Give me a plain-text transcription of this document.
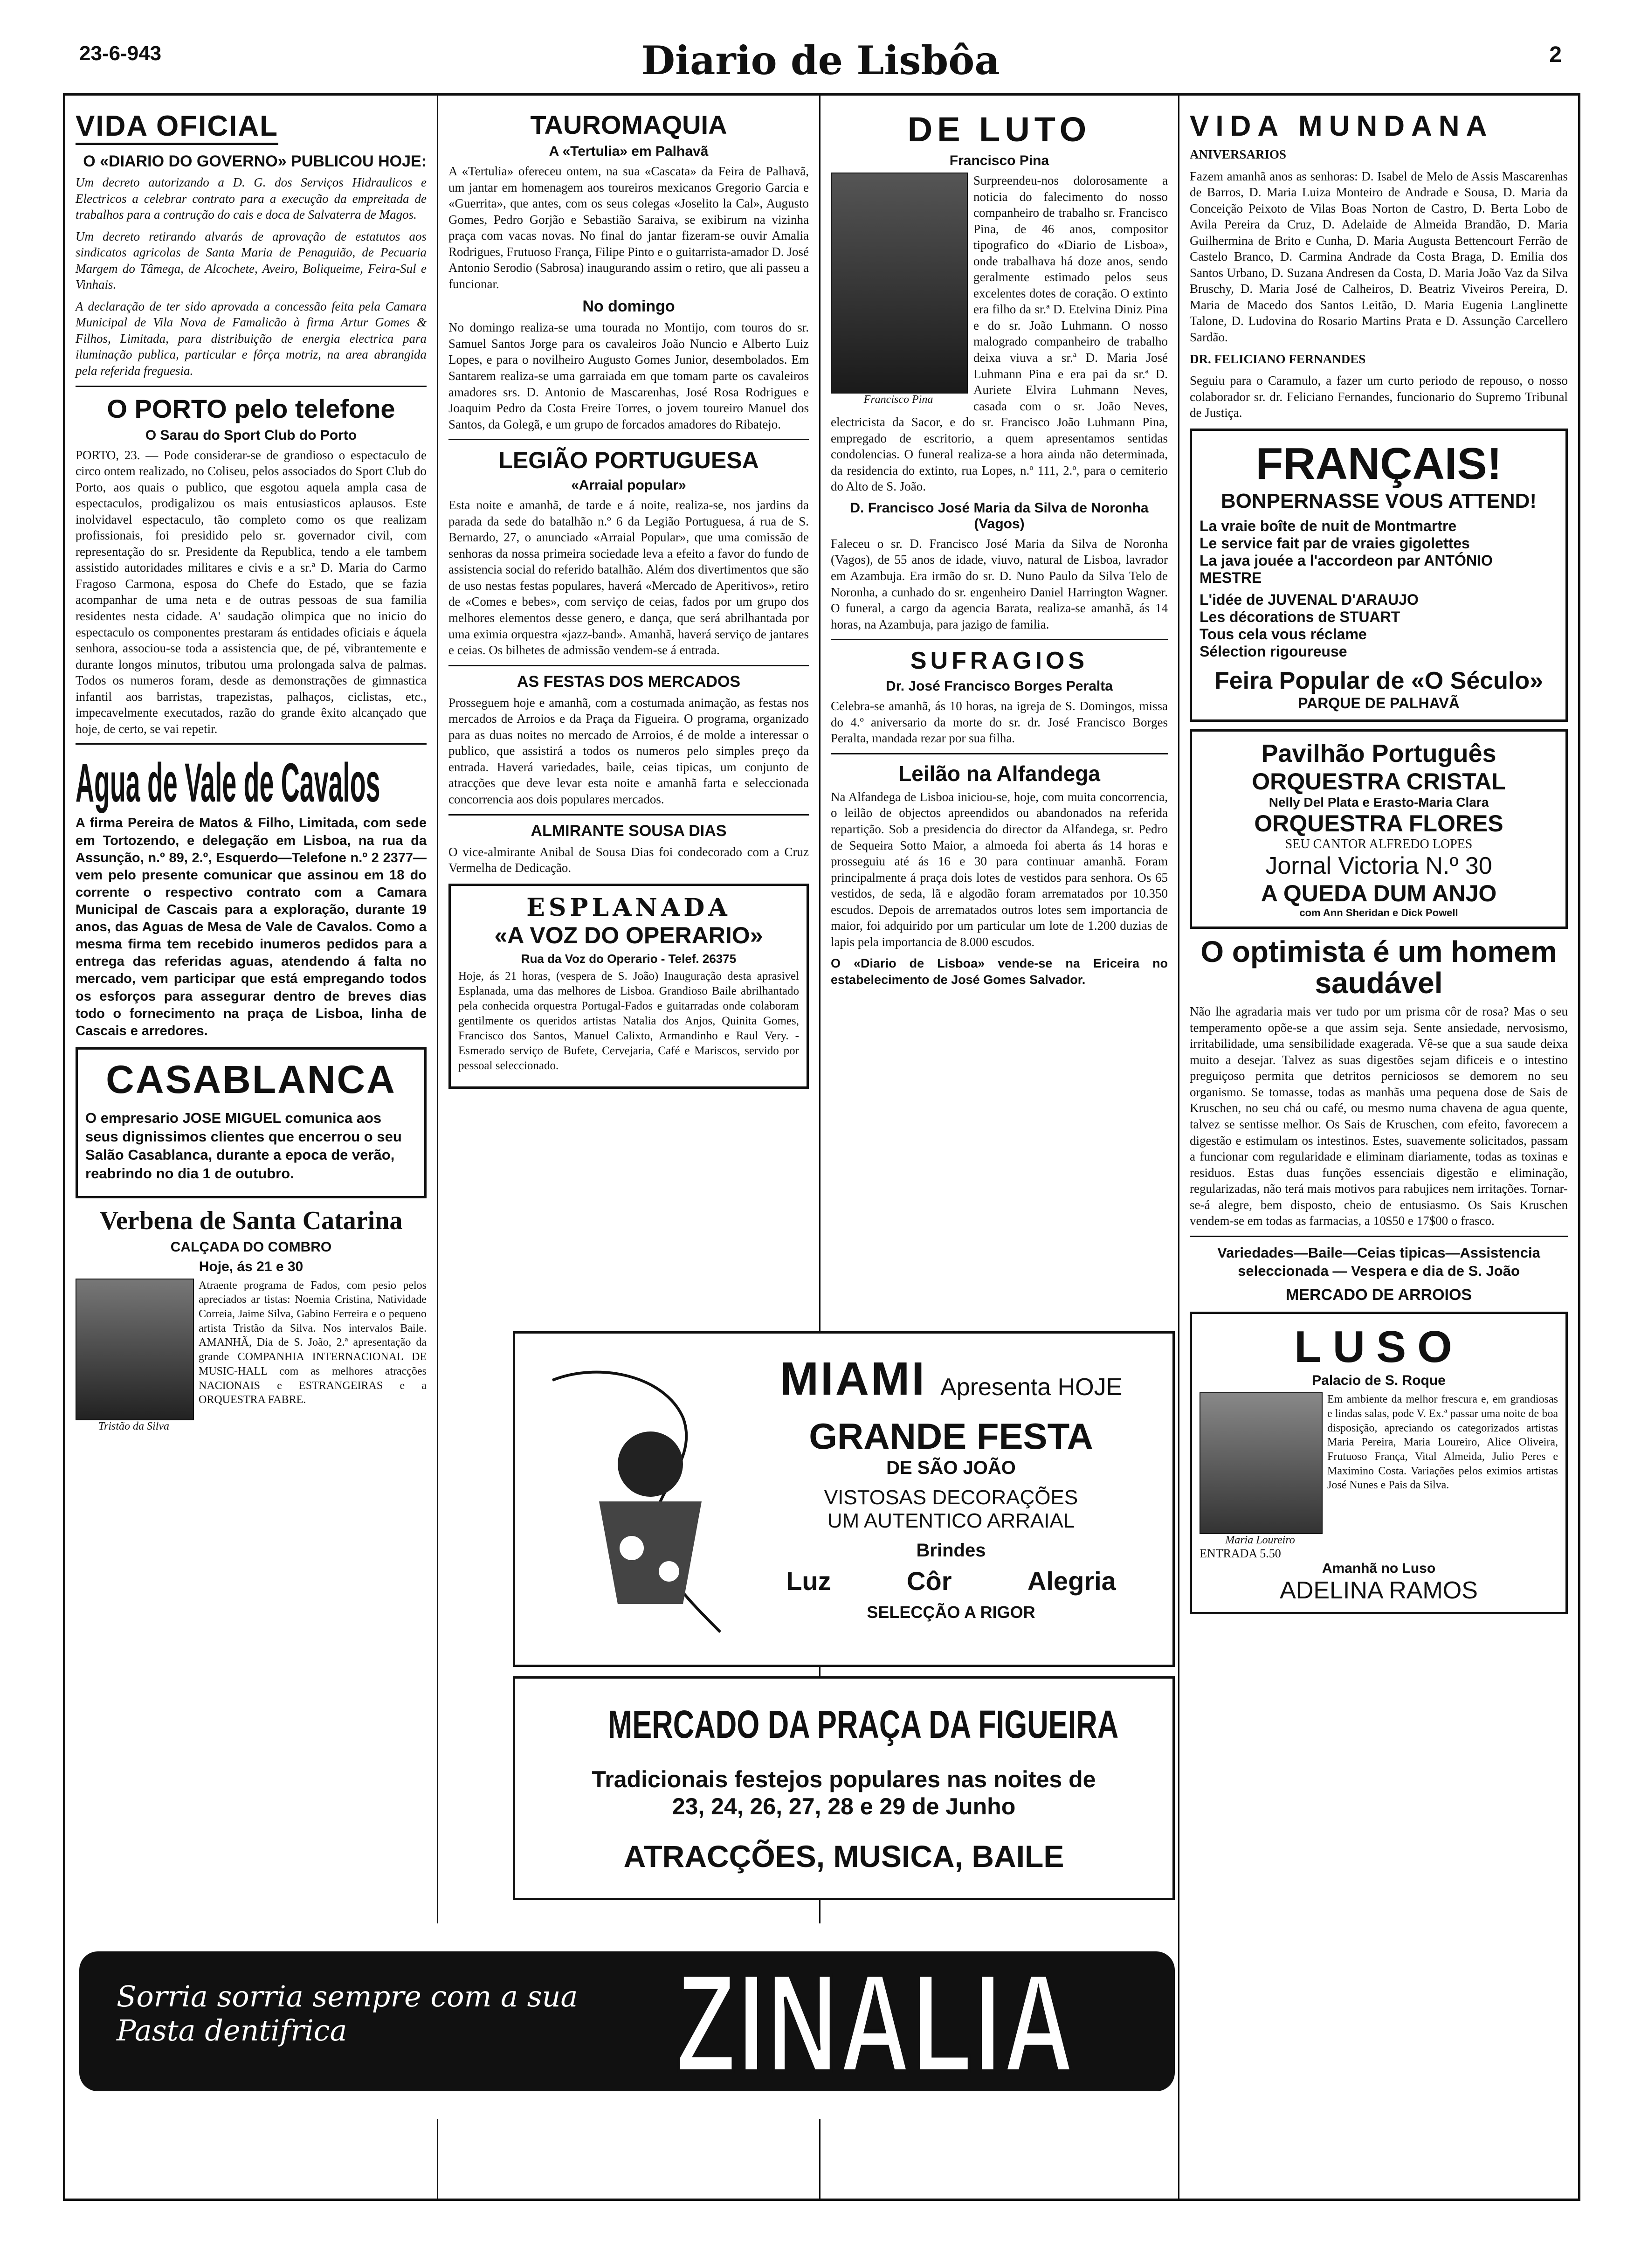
23-6-943	Diario de Lisbôa	2
VIDA OFICIAL
O «DIARIO DO GOVERNO» PUBLICOU HOJE:

Um decreto autorizando a D. G. dos Serviços Hidraulicos e Electricos a celebrar contrato para a execução da empreitada de trabalhos para a contrução do cais e doca de Salvaterra de Magos.

Um decreto retirando alvarás de aprovação de estatutos aos sindicatos agricolas de Santa Maria de Penaguião, de Pecuaria Margem do Tâmega, de Alcochete, Aveiro, Boliqueime, Feira-Sul e Vinhais.

A declaração de ter sido aprovada a concessão feita pela Camara Municipal de Vila Nova de Famalicão à firma Artur Gomes & Filhos, Limitada, para distribuição de energia electrica para iluminação publica, particular e fôrça motriz, na area abrangida pela referida freguesia.

O PORTO pelo telefone
O Sarau do Sport Club do Porto

PORTO, 23. — Pode considerar-se de grandioso o espectaculo de circo ontem realizado, no Coliseu, pelos associados do Sport Club do Porto, aos quais o publico, que esgotou aquela ampla casa de espectaculos, prodigalizou os mais entusiasticos aplausos. Este inolvidavel espectaculo, tão completo como os que realizam profissionais, foi presidido pelo sr. governador civil, com representação do sr. Presidente da Republica, tendo a ele tambem assistido autoridades militares e civis e a sr.ª D. Maria do Carmo Fragoso Carmona, esposa do Chefe do Estado, que se fazia acompanhar de uma neta e de outras pessoas de sua familia residentes nesta cidade. A' saudação olimpica que no inicio do espectaculo os componentes prestaram ás entidades oficiais e áquela senhora, associou-se toda a assistencia que, de pé, vibrantemente e durante longos minutos, tributou uma prolongada salva de palmas. Todos os numeros foram, desde as demonstrações de gimnastica infantil aos barristas, trapezistas, palhaços, ciclistas, etc., impecavelmente executados, razão do grande êxito alcançado que hoje, de certo, se vai repetir.

Agua de Vale de Cavalos

A firma Pereira de Matos & Filho, Limitada, com sede em Tortozendo, e delegação em Lisboa, na rua da Assunção, n.º 89, 2.º, Esquerdo—Telefone n.º 2 2377—vem pelo presente comunicar que assinou em 18 do corrente o respectivo contrato com a Camara Municipal de Cascais para a exploração, durante 19 anos, das Aguas de Mesa de Vale de Cavalos. Como a mesma firma tem recebido inumeros pedidos para a entrega das referidas aguas, atendendo á falta no mercado, vem participar que está empregando todos os esforços para assegurar dentro de breves dias todo o fornecimento na praça de Lisboa, linha de Cascais e arredores.

CASABLANCA

O empresario JOSE MIGUEL comunica aos seus dignissimos clientes que encerrou o seu Salão Casablanca, durante a epoca de verão, reabrindo no dia 1 de outubro.

Verbena de Santa Catarina
CALÇADA DO COMBRO
Hoje, ás 21 e 30
Tristão da Silva

Atraente programa de Fados, com pesio pelos apreciados ar tistas: Noemia Cristina, Natividade Correia, Jaime Silva, Gabino Ferreira e o pequeno artista Tristão da Silva. Nos intervalos Baile. AMANHÃ, Dia de S. João, 2.ª apresentação da grande COMPANHIA INTERNACIONAL DE MUSIC-HALL com as melhores atracções NACIONAIS e ESTRANGEIRAS e a ORQUESTRA FABRE.

TAUROMAQUIA
A «Tertulia» em Palhavã

A «Tertulia» ofereceu ontem, na sua «Cascata» da Feira de Palhavã, um jantar em homenagem aos toureiros mexicanos Gregorio Garcia e «Guerrita», que antes, com os seus colegas «Joselito la Cal», Augusto Gomes, Pedro Gorjão e Sebastião Saraiva, se exibirum na vizinha praça com vacas novas. No final do jantar fizeram-se ouvir Amalia Rodrigues, Frutuoso França, Filipe Pinto e o guitarrista-amador D. José Antonio Serodio (Sabrosa) inaugurando assim o retiro, que ali passeu a funcionar.

No domingo

No domingo realiza-se uma tourada no Montijo, com touros do sr. Samuel Santos Jorge para os cavaleiros João Nuncio e Alberto Luiz Lopes, e para o novilheiro Augusto Gomes Junior, desembolados. Em Santarem realiza-se uma garraiada em que tomam parte os cavaleiros amadores srs. D. Antonio de Mascarenhas, José Rosa Rodrigues e Joaquim Pedro da Costa Freire Torres, o jovem toureiro Manuel dos Santos, da Golegã, e um grupo de forcados amadores do Ribatejo.

LEGIÃO PORTUGUESA
«Arraial popular»

Esta noite e amanhã, de tarde e á noite, realiza-se, nos jardins da parada da sede do batalhão n.º 6 da Legião Portuguesa, á rua de S. Bernardo, 27, o anunciado «Arraial Popular», que uma comissão de senhoras da nossa primeira sociedade leva a efeito a favor do fundo de assistencia social do referido batalhão. Além dos divertimentos que são de uso nestas festas populares, haverá «Mercado de Aperitivos», retiro de «Comes e bebes», com serviço de ceias, fados por um grupo dos melhores elementos desse genero, e dança, que será abrilhantada por uma eximia orquestra «jazz-band». Amanhã, haverá serviço de jantares e ceias. Os bilhetes de admissão vendem-se á entrada.

AS FESTAS DOS MERCADOS

Prosseguem hoje e amanhã, com a costumada animação, as festas nos mercados de Arroios e da Praça da Figueira. O programa, organizado para as duas noites no mercado de Arroios, é de molde a interessar o publico, que assistirá a todos os numeros pelo simples preço da entrada. Haverá variedades, baile, ceias tipicas, um conjunto de atracções que deve levar esta noite e amanhã farta e seleccionada concorrencia aos dois populares mercados.

ALMIRANTE SOUSA DIAS

O vice-almirante Anibal de Sousa Dias foi condecorado com a Cruz Vermelha de Dedicação.

ESPLANADA
«A VOZ DO OPERARIO»
Rua da Voz do Operario - Telef. 26375

Hoje, ás 21 horas, (vespera de S. João) Inauguração desta aprasivel Esplanada, uma das melhores de Lisboa. Grandioso Baile abrilhantado pela conhecida orquestra Portugal-Fados e guitarradas onde colaboram gentilmente os queridos artistas Natalia dos Anjos, Quinita Gomes, Francisco dos Santos, Manuel Calixto, Armandinho e Raul Very. - Esmerado serviço de Bufete, Cervejaria, Café e Mariscos, servido por pessoal seleccionado.

DE LUTO
Francisco Pina
Francisco Pina

Surpreendeu-nos dolorosamente a noticia do falecimento do nosso companheiro de trabalho sr. Francisco Pina, de 46 anos, compositor tipografico do «Diario de Lisboa», onde trabalhava há doze anos, sendo geralmente estimado pelos seus excelentes dotes de coração. O extinto era filho da sr.ª D. Etelvina Diniz Pina e do sr. João Luhmann. O nosso malogrado companheiro de trabalho deixa viuva a sr.ª D. Maria José Luhmann Pina e era pai da sr.ª D. Auriete Elvira Luhmann Neves, casada com o sr. João Neves, electricista da Sacor, e do sr. Francisco João Luhmann Pina, empregado de escritorio, a quem apresentamos sentidas condolencias. O funeral realiza-se a hora ainda não determinada, da residencia do extinto, rua Lopes, n.º 111, 2.º, para o cemiterio do Alto de S. João.

D. Francisco José Maria da Silva de Noronha (Vagos)

Faleceu o sr. D. Francisco José Maria da Silva de Noronha (Vagos), de 55 anos de idade, viuvo, natural de Lisboa, lavrador em Azambuja. Era irmão do sr. D. Nuno Paulo da Silva Telo de Noronha, a cunhado do sr. engenheiro Daniel Harrington Wagner. O funeral, a cargo da agencia Barata, realiza-se amanhã, ás 14 horas, na Azambuja, para jazigo de familia.

SUFRAGIOS
Dr. José Francisco Borges Peralta

Celebra-se amanhã, ás 10 horas, na igreja de S. Domingos, missa do 4.º aniversario da morte do sr. dr. José Francisco Borges Peralta, mandada rezar por sua filha.

Leilão na Alfandega

Na Alfandega de Lisboa iniciou-se, hoje, com muita concorrencia, o leilão de objectos apreendidos ou abandonados na referida repartição. Sob a presidencia do director da Alfandega, sr. Pedro de Sequeira Sotto Maior, a almoeda foi aberta ás 14 horas e prosseguiu até ás 16 e 30 para continuar amanhã. Foram principalmente á praça dois lotes de vestidos para senhora. Os 65 vestidos, de seda, lã e algodão foram arrematados por 10.350 escudos. Depois de arrematados outros lotes sem importancia de maior, foi adquirido por um particular um lote de 1.200 duzias de lapis pela importancia de 8.000 escudos.

O «Diario de Lisboa» vende-se na Ericeira no estabelecimento de José Gomes Salvador.

VIDA MUNDANA

ANIVERSARIOS

Fazem amanhã anos as senhoras: D. Isabel de Melo de Assis Mascarenhas de Barros, D. Maria Luiza Monteiro de Andrade e Sousa, D. Maria da Conceição Peixoto de Vilas Boas Norton de Castro, D. Berta Lobo de Avila Pereira da Cruz, D. Adelaide de Almeida Brandão, D. Maria Guilhermina de Brito e Cunha, D. Maria Augusta Bettencourt Ferrão de Castelo Branco, D. Carmina Andrade da Costa Braga, D. Emilia dos Santos Urbano, D. Suzana Andresen da Costa, D. Maria João Vaz da Silva Bruschy, D. Maria José de Calheiros, D. Beatriz Viveiros Pereira, D. Maria de Macedo dos Santos Leitão, D. Maria Eugenia Langlinette Talone, D. Ludovina do Rosario Martins Prata e D. Assunção Carcellero Sardão.

DR. FELICIANO FERNANDES

Seguiu para o Caramulo, a fazer um curto periodo de repouso, o nosso colaborador sr. dr. Feliciano Fernandes, funcionario do Supremo Tribunal de Justiça.

FRANÇAIS!
BONPERNASSE VOUS ATTEND!
La vraie boîte de nuit de Montmartre
Le service fait par de vraies gigolettes
La java jouée a l'accordeon par ANTÓNIO MESTRE
L'idée de JUVENAL D'ARAUJO
Les décorations de STUART
Tous cela vous réclame
Sélection rigoureuse
Feira Popular de «O Século»
PARQUE DE PALHAVÃ
Pavilhão Português
ORQUESTRA CRISTAL
Nelly Del Plata e Erasto-Maria Clara
ORQUESTRA FLORES
SEU CANTOR ALFREDO LOPES
Jornal Victoria N.º 30
A QUEDA DUM ANJO
com Ann Sheridan e Dick Powell
O optimista é um homem saudável

Não lhe agradaria mais ver tudo por um prisma côr de rosa? Mas o seu temperamento opõe-se a que assim seja. Sente ansiedade, nervosismo, irritabilidade, uma sensibilidade exagerada. Vê-se que a sua saude deixa muito a desejar. Talvez as suas digestões sejam dificeis e o intestino preguiçoso permita que detritos perniciosos se demorem no seu organismo. Se tomasse, todas as manhãs uma pequena dose de Sais de Kruschen, no seu chá ou café, ou mesmo numa chavena de agua quente, talvez se sentisse melhor. Os Sais de Kruschen, com efeito, favorecem a digestão e estimulam os intestinos. Estes, suavemente solicitados, passam a funcionar com regularidade e eliminam diariamente, todas as toxinas e residuos. Estas duas funções essenciais digestão e eliminação, regularizadas, não terá mais motivos para rabujices nem irritações. Tornar-se-á alegre, bem disposto, cheio de entusiasmo. Os Sais Kruschen vendem-se em todas as farmacias, a 10$50 e 17$00 o frasco.

Variedades—Baile—Ceias tipicas—Assistencia seleccionada — Vespera e dia de S. João

MERCADO DE ARROIOS
LUSO
Palacio de S. Roque
Maria Loureiro

Em ambiente da melhor frescura e, em grandiosas e lindas salas, pode V. Ex.ª passar uma noite de boa disposição, apreciando os categorizados artistas Maria Pereira, Maria Loureiro, Alice Oliveira, Frutuoso França, Vital Almeida, Julio Peres e Maximino Costa. Variações pelos eximios artistas José Nunes e Pais da Silva.

ENTRADA 5.50
Amanhã no Luso
ADELINA RAMOS
MIAMI Apresenta HOJE
GRANDE FESTA
DE SÃO JOÃO
VISTOSAS DECORAÇÕES
UM AUTENTICO ARRAIAL
Brindes
Luz	Côr	Alegria
SELECÇÃO A RIGOR
MERCADO DA PRAÇA DA FIGUEIRA
Tradicionais festejos populares nas noites de
23, 24, 26, 27, 28 e 29 de Junho
ATRACÇÕES, MUSICA, BAILE
Sorria sorria sempre com a sua
Pasta dentifrica	ZINALIA
